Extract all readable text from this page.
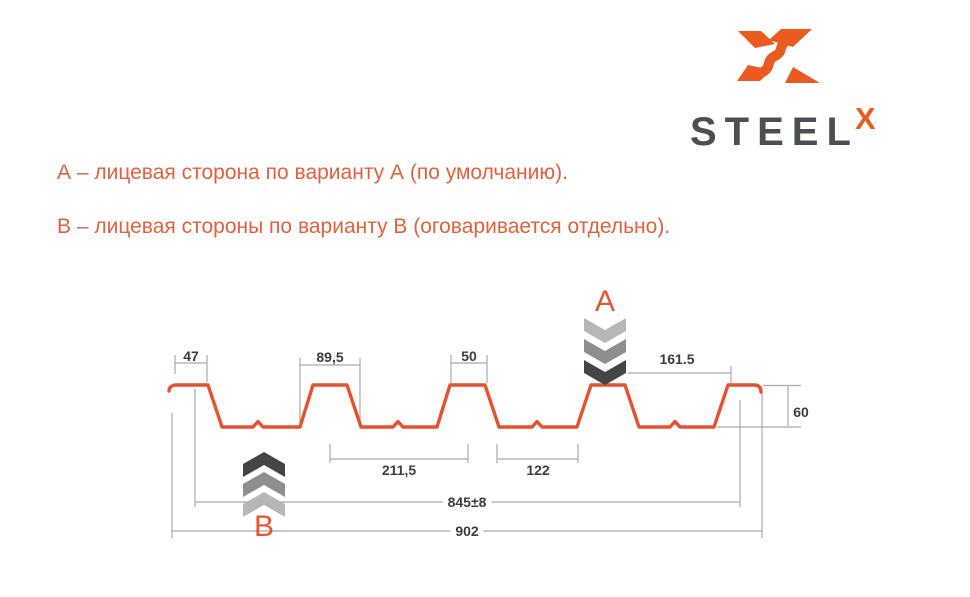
STEEL
X
А – лицевая сторона по варианту А (по умолчанию).
В – лицевая стороны по варианту В (оговаривается отдельно).
47	89,5	50	161.5
60
211,5	122
845±8
902
А
В
